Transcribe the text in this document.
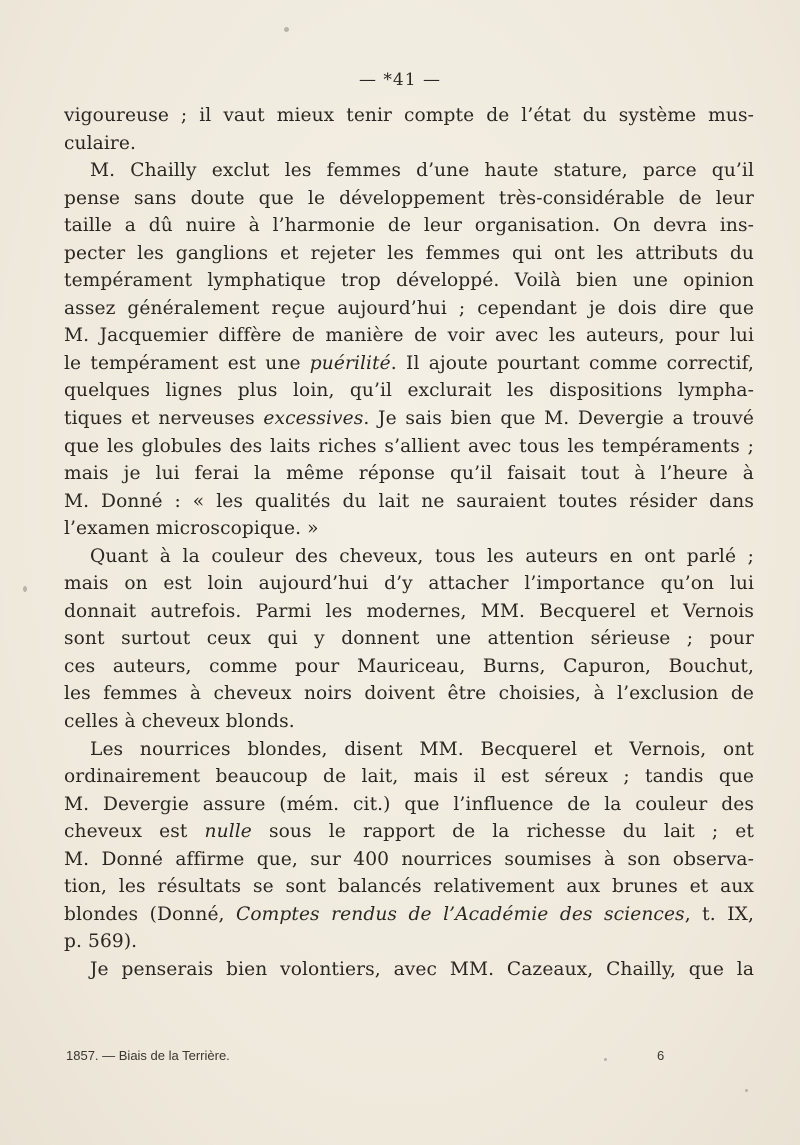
— *41 —
vigoureuse ; il vaut mieux tenir compte de l’état du système mus-
culaire.
M. Chailly exclut les femmes d’une haute stature, parce qu’il
pense sans doute que le développement très-considérable de leur
taille a dû nuire à l’harmonie de leur organisation. On devra ins-
pecter les ganglions et rejeter les femmes qui ont les attributs du
tempérament lymphatique trop développé. Voilà bien une opinion
assez généralement reçue aujourd’hui ; cependant je dois dire que
M. Jacquemier diffère de manière de voir avec les auteurs, pour lui
le tempérament est une puérilité. Il ajoute pourtant comme correctif,
quelques lignes plus loin, qu’il exclurait les dispositions lympha-
tiques et nerveuses excessives. Je sais bien que M. Devergie a trouvé
que les globules des laits riches s’allient avec tous les tempéraments ;
mais je lui ferai la même réponse qu’il faisait tout à l’heure à
M. Donné : « les qualités du lait ne sauraient toutes résider dans
l’examen microscopique. »
Quant à la couleur des cheveux, tous les auteurs en ont parlé ;
mais on est loin aujourd’hui d’y attacher l’importance qu’on lui
donnait autrefois. Parmi les modernes, MM. Becquerel et Vernois
sont surtout ceux qui y donnent une attention sérieuse ; pour
ces auteurs, comme pour Mauriceau, Burns, Capuron, Bouchut,
les femmes à cheveux noirs doivent être choisies, à l’exclusion de
celles à cheveux blonds.
Les nourrices blondes, disent MM. Becquerel et Vernois, ont
ordinairement beaucoup de lait, mais il est séreux ; tandis que
M. Devergie assure (mém. cit.) que l’influence de la couleur des
cheveux est nulle sous le rapport de la richesse du lait ; et
M. Donné affirme que, sur 400 nourrices soumises à son observa-
tion, les résultats se sont balancés relativement aux brunes et aux
blondes (Donné, Comptes rendus de l’Académie des sciences, t. IX,
p. 569).
Je penserais bien volontiers, avec MM. Cazeaux, Chailly, que la
1857. — Biais de la Terrière.	6
